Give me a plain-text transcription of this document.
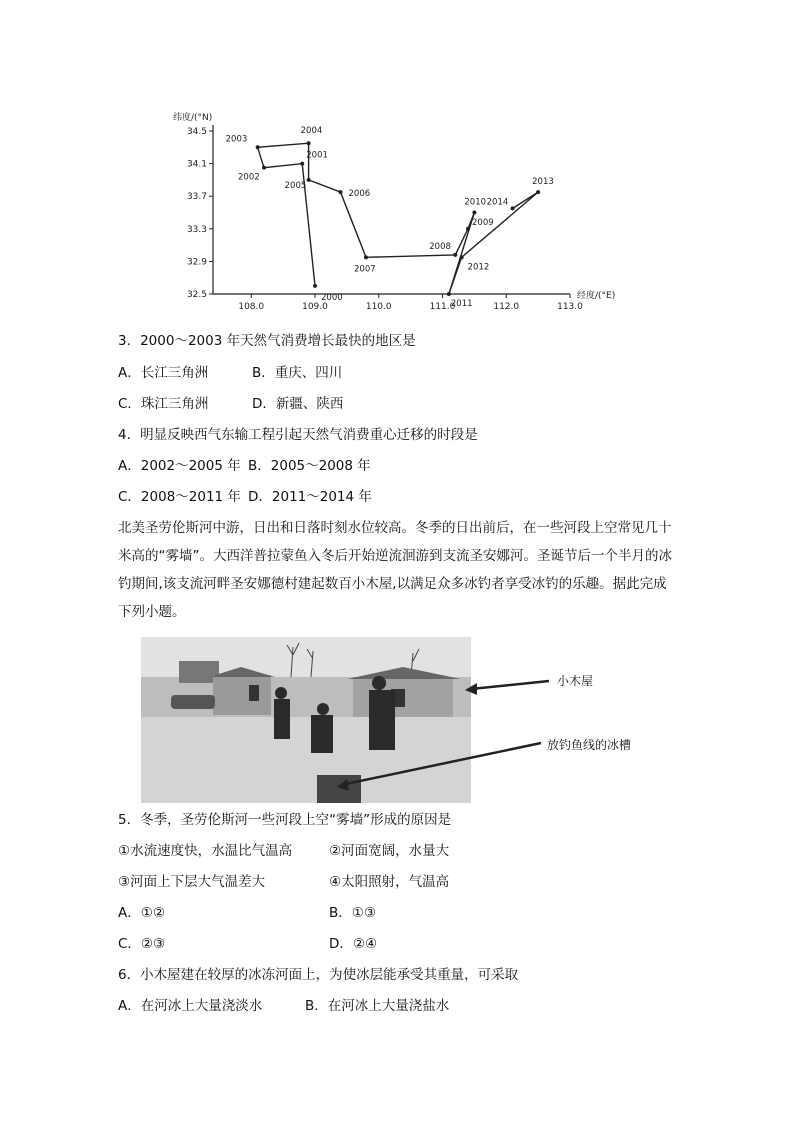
34.5
34.1
33.7
33.3
32.9
32.5
108.0	109.0	110.0	111.0	112.0	113.0
纬度/(°N)
经度/(°E)
2000
2001
2002
2003
2004
2005
2006
2007
2008
2009
2010
2011
2012
2013
2014
3．2000～2003 年天然气消费增长最快的地区是
A．长江三角洲	B．重庆、四川
C．珠江三角洲	D．新疆、陕西
4．明显反映西气东输工程引起天然气消费重心迁移的时段是
A．2002～2005 年 B．2005～2008 年
C．2008～2011 年 D．2011～2014 年
北美圣劳伦斯河中游，日出和日落时刻水位较高。冬季的日出前后，在一些河段上空常见几十米高的“雾墙”。大西洋普拉蒙鱼入冬后开始逆流洄游到支流圣安娜河。圣诞节后一个半月的冰钓期间,该支流河畔圣安娜德村建起数百小木屋,以满足众多冰钓者享受冰钓的乐趣。据此完成下列小题。
小木屋
放钓鱼线的冰槽
5．冬季，圣劳伦斯河一些河段上空“雾墙”形成的原因是
①水流速度快，水温比气温高	②河面宽阔，水量大
③河面上下层大气温差大	④太阳照射，气温高
A．①②	B．①③
C．②③	D．②④
6．小木屋建在较厚的冰冻河面上，为使冰层能承受其重量，可采取
A．在河冰上大量浇淡水	B．在河冰上大量浇盐水
